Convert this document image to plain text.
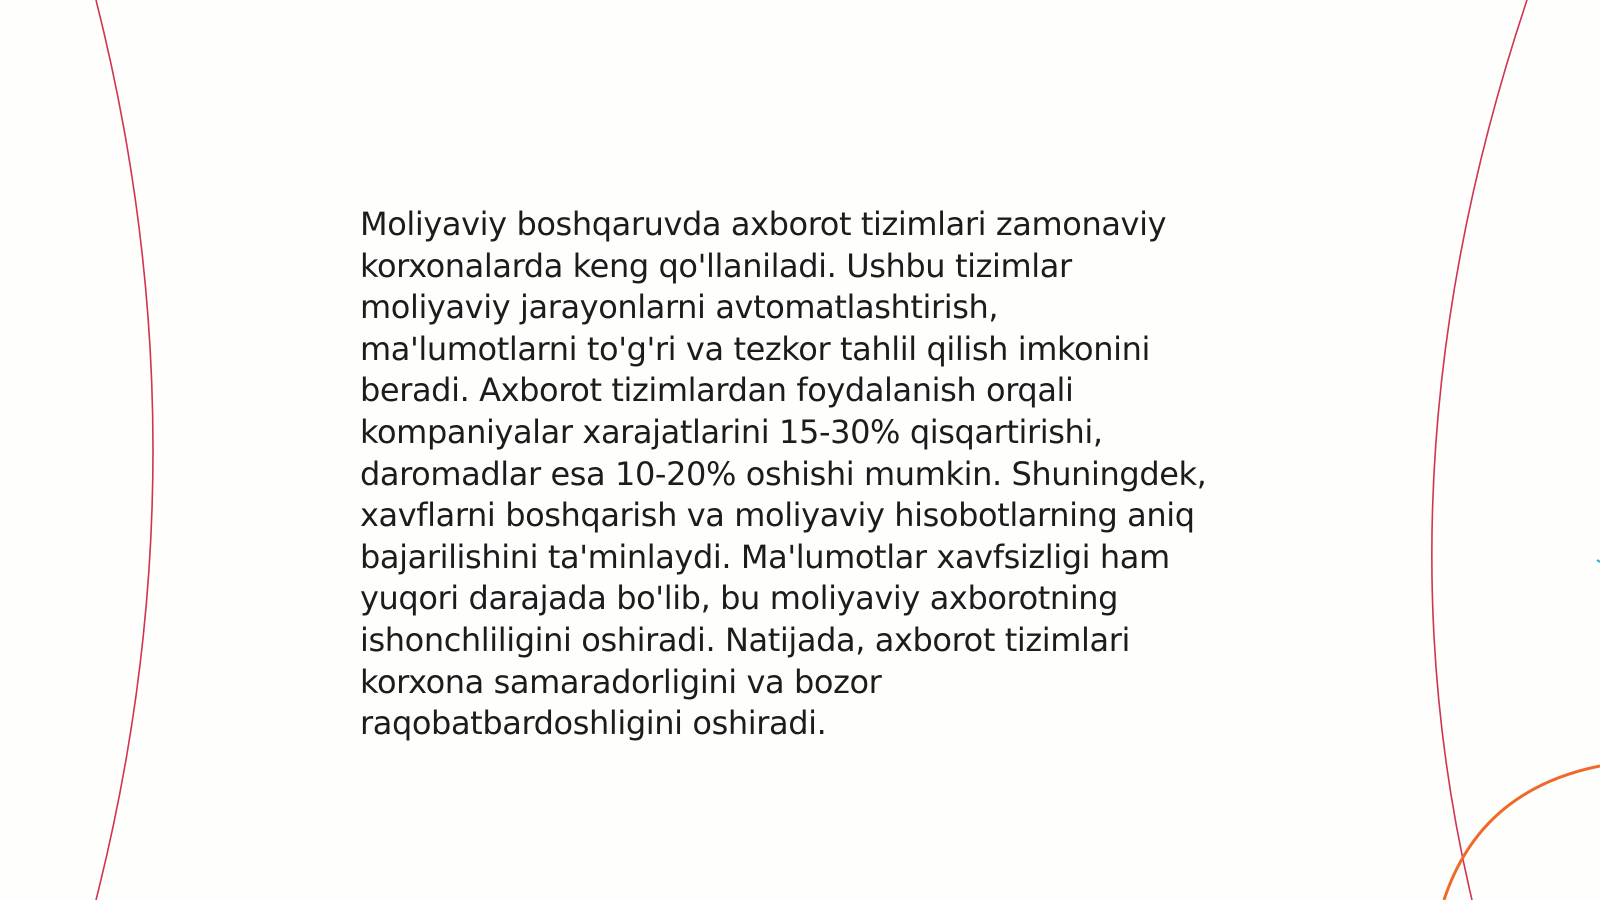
Moliyaviy boshqaruvda axborot tizimlari zamonaviy
korxonalarda keng qo'llaniladi. Ushbu tizimlar
moliyaviy jarayonlarni avtomatlashtirish,
ma'lumotlarni to'g'ri va tezkor tahlil qilish imkonini
beradi. Axborot tizimlardan foydalanish orqali
kompaniyalar xarajatlarini 15-30% qisqartirishi,
daromadlar esa 10-20% oshishi mumkin. Shuningdek,
xavflarni boshqarish va moliyaviy hisobotlarning aniq
bajarilishini ta'minlaydi. Ma'lumotlar xavfsizligi ham
yuqori darajada bo'lib, bu moliyaviy axborotning
ishonchliligini oshiradi. Natijada, axborot tizimlari
korxona samaradorligini va bozor
raqobatbardoshligini oshiradi.
